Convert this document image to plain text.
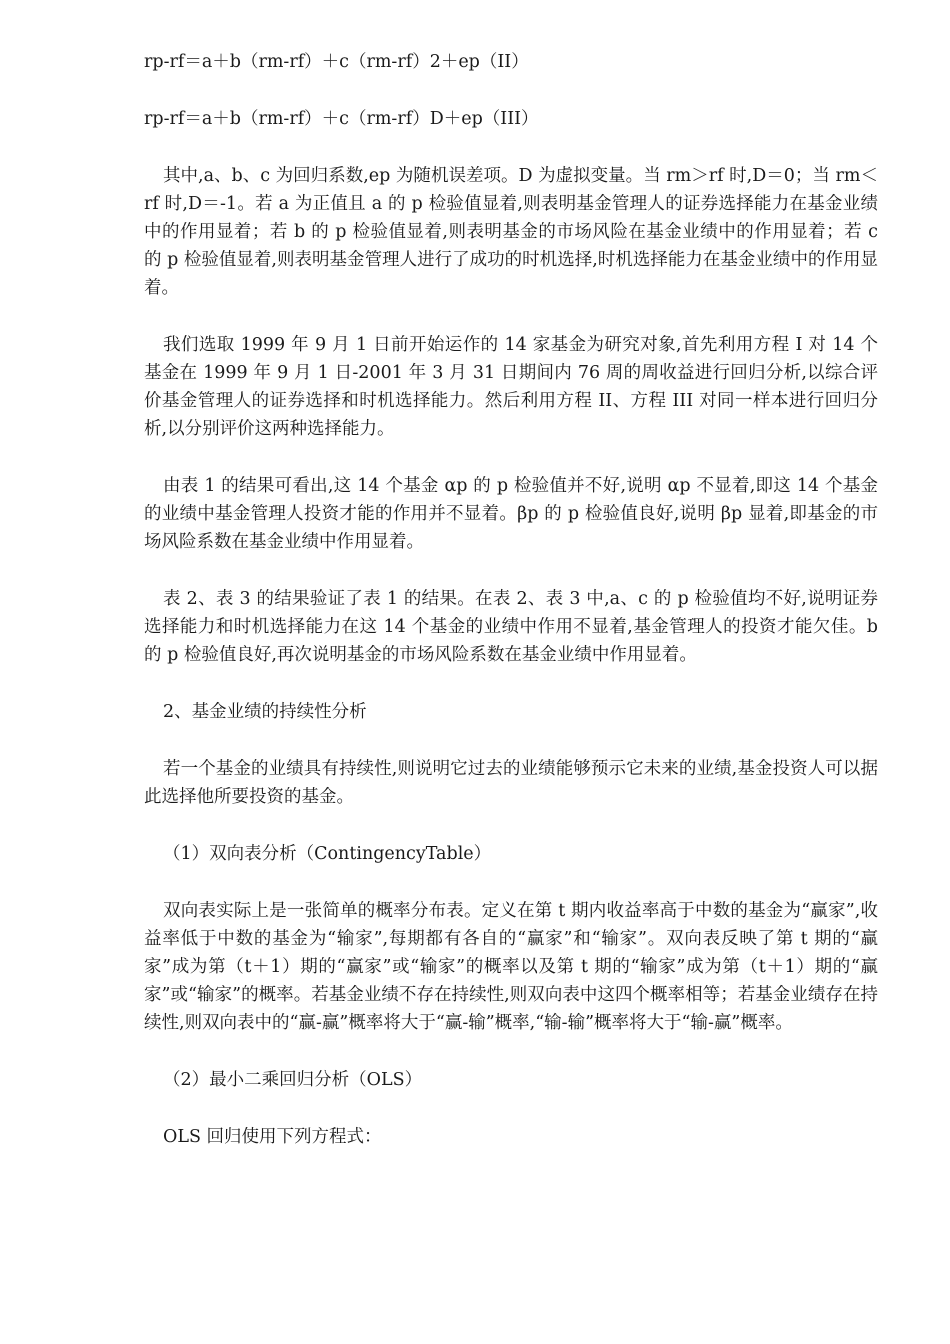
rp-rf＝a＋b（rm-rf）＋c（rm-rf）2＋ep（II）

rp-rf＝a＋b（rm-rf）＋c（rm-rf）D＋ep（III）

其中,a、b、c 为回归系数,ep 为随机误差项。D 为虚拟变量。当 rm＞rf 时,D＝0；当 rm＜rf 时,D＝-1。若 a 为正值且 a 的 p 检验值显着,则表明基金管理人的证券选择能力在基金业绩中的作用显着；若 b 的 p 检验值显着,则表明基金的市场风险在基金业绩中的作用显着；若 c 的 p 检验值显着,则表明基金管理人进行了成功的时机选择,时机选择能力在基金业绩中的作用显着。

我们选取 1999 年 9 月 1 日前开始运作的 14 家基金为研究对象,首先利用方程 I 对 14 个基金在 1999 年 9 月 1 日-2001 年 3 月 31 日期间内 76 周的周收益进行回归分析,以综合评价基金管理人的证券选择和时机选择能力。然后利用方程 II、方程 III 对同一样本进行回归分析,以分别评价这两种选择能力。

由表 1 的结果可看出,这 14 个基金 αp 的 p 检验值并不好,说明 αp 不显着,即这 14 个基金的业绩中基金管理人投资才能的作用并不显着。βp 的 p 检验值良好,说明 βp 显着,即基金的市场风险系数在基金业绩中作用显着。

表 2、表 3 的结果验证了表 1 的结果。在表 2、表 3 中,a、c 的 p 检验值均不好,说明证券选择能力和时机选择能力在这 14 个基金的业绩中作用不显着,基金管理人的投资才能欠佳。b 的 p 检验值良好,再次说明基金的市场风险系数在基金业绩中作用显着。

2、基金业绩的持续性分析

若一个基金的业绩具有持续性,则说明它过去的业绩能够预示它未来的业绩,基金投资人可以据此选择他所要投资的基金。

（1）双向表分析（ContingencyTable）

双向表实际上是一张简单的概率分布表。定义在第 t 期内收益率高于中数的基金为“赢家”,收益率低于中数的基金为“输家”,每期都有各自的“赢家”和“输家”。双向表反映了第 t 期的“赢家”成为第（t＋1）期的“赢家”或“输家”的概率以及第 t 期的“输家”成为第（t＋1）期的“赢家”或“输家”的概率。若基金业绩不存在持续性,则双向表中这四个概率相等；若基金业绩存在持续性,则双向表中的“赢-赢”概率将大于“赢-输”概率,“输-输”概率将大于“输-赢”概率。

（2）最小二乘回归分析（OLS）

OLS 回归使用下列方程式：
